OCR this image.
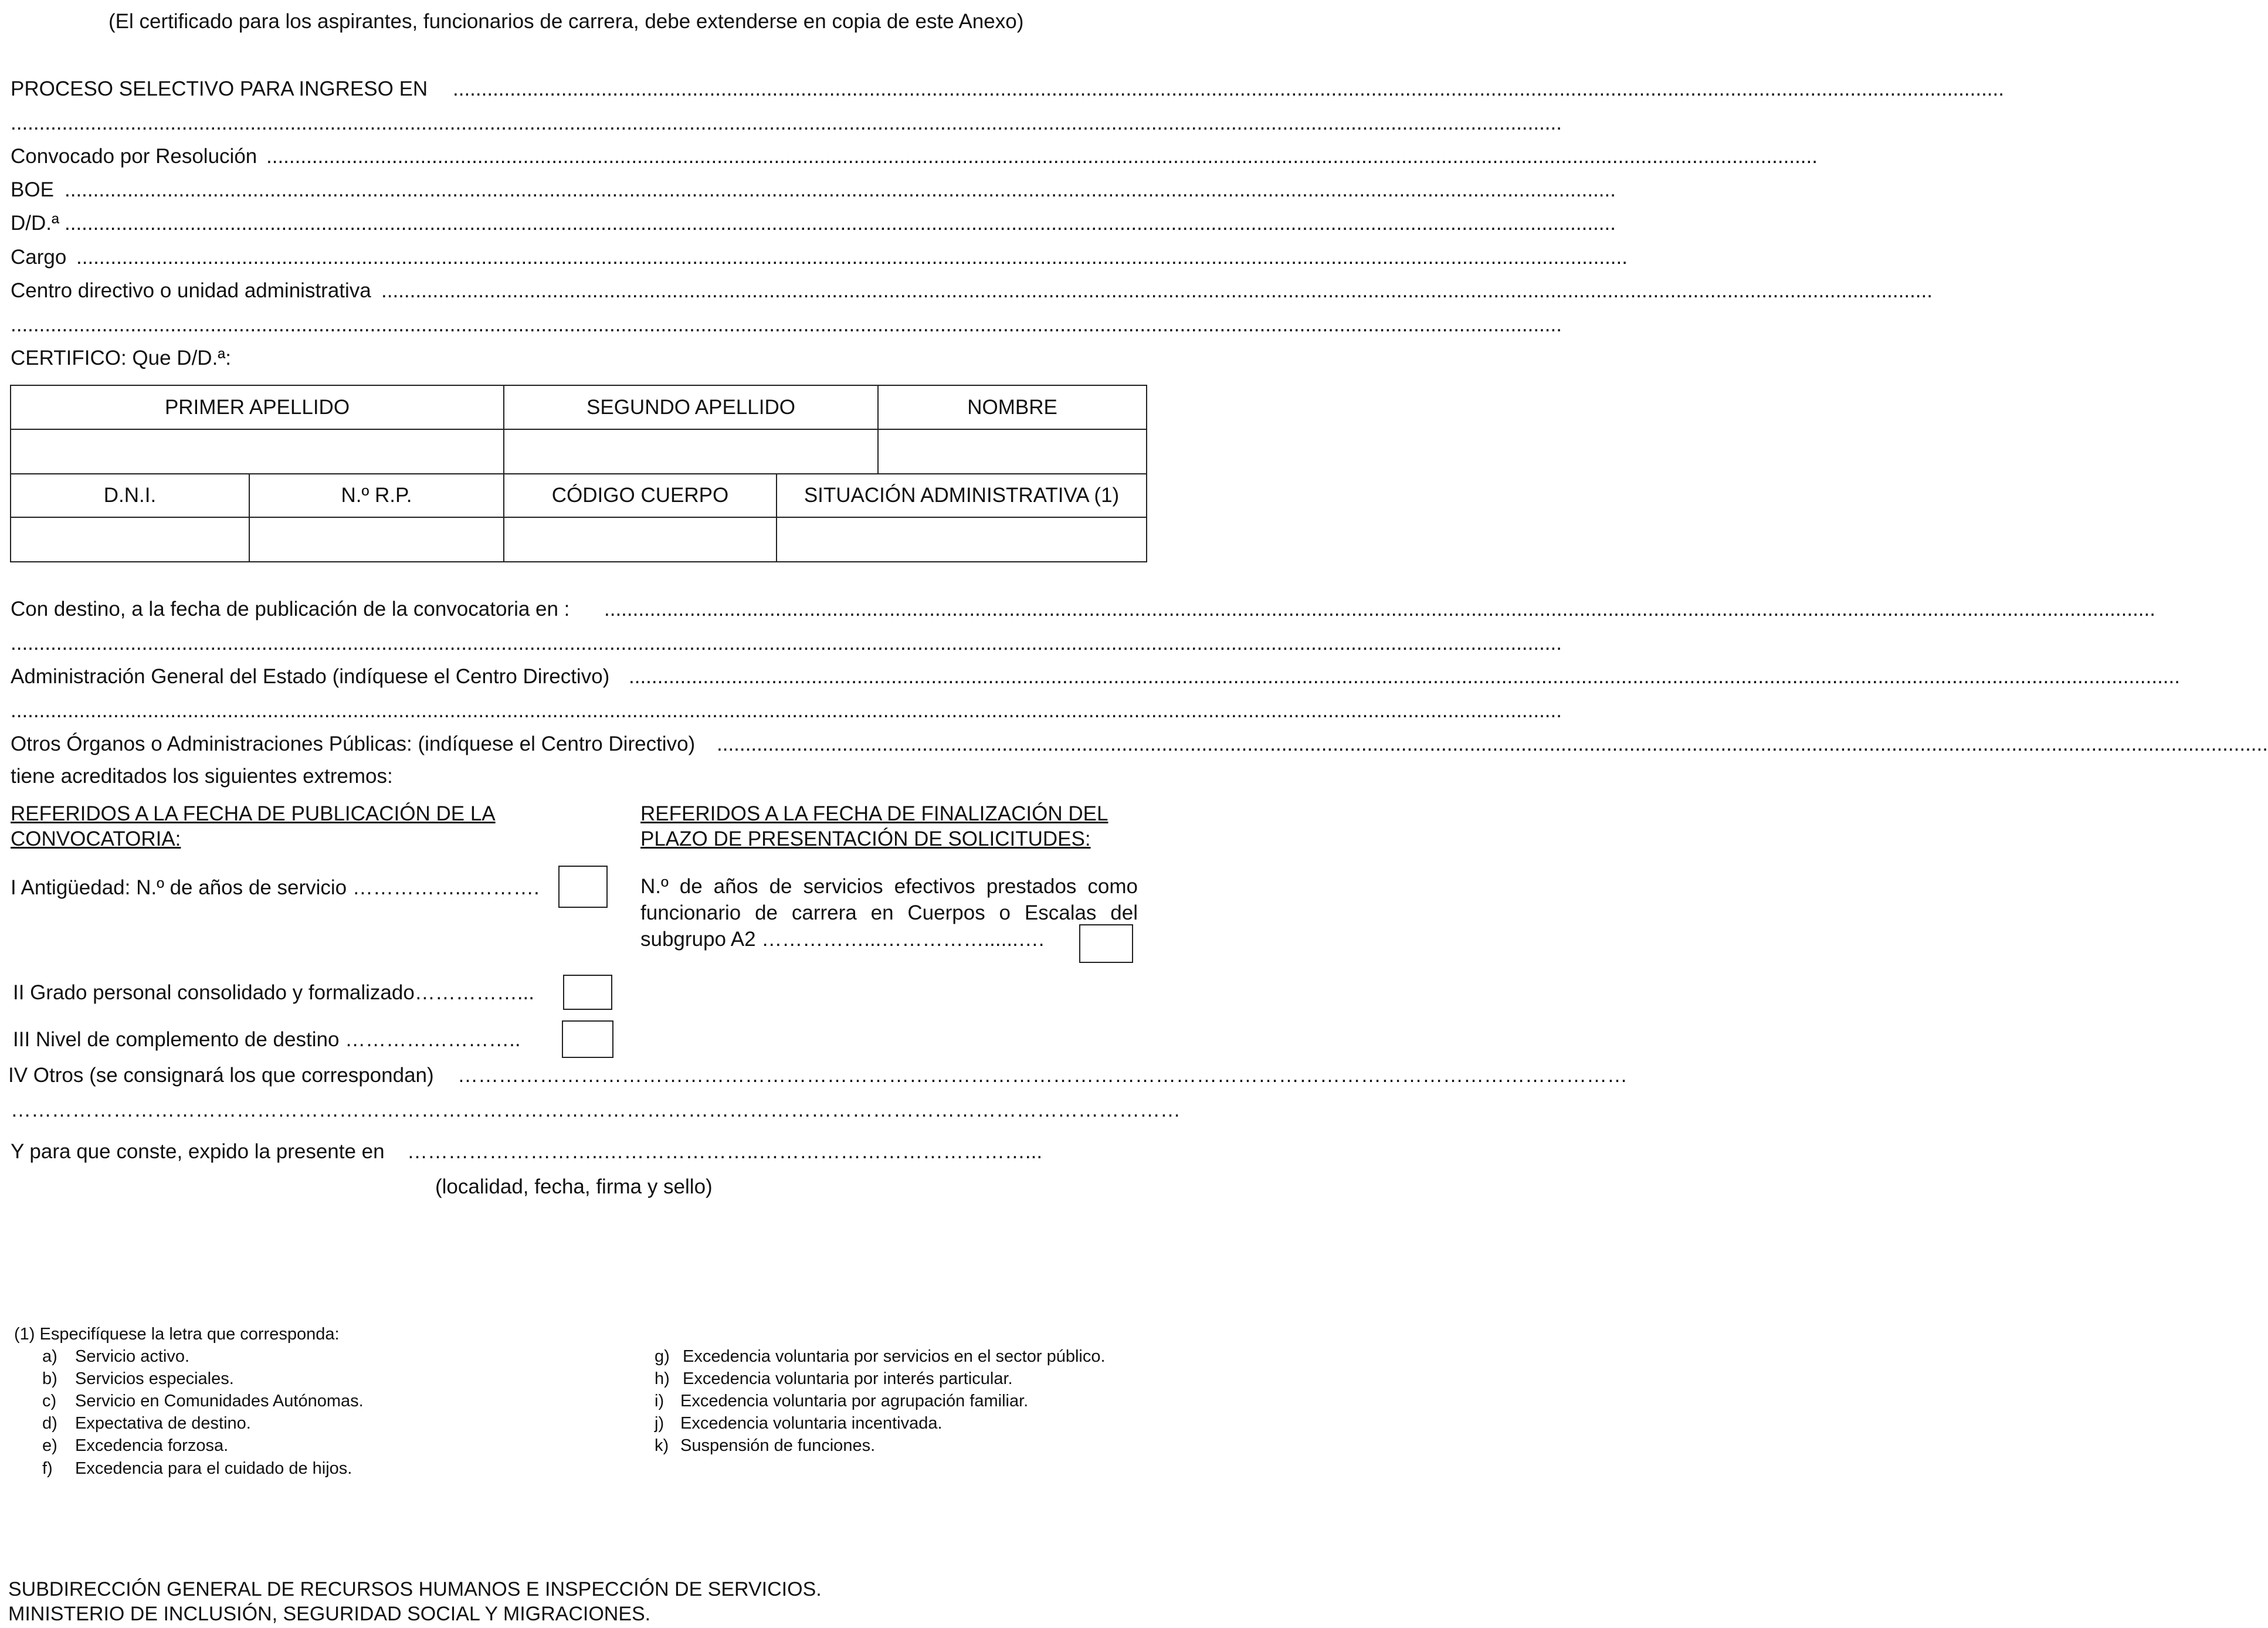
(El certificado para los aspirantes, funcionarios de carrera, debe extenderse en copia de este Anexo)
PROCESO SELECTIVO PARA INGRESO EN ................................................................................................................................................................................................................................................................................
................................................................................................................................................................................................................................................................................
Convocado por Resolución ................................................................................................................................................................................................................................................................................
BOE ................................................................................................................................................................................................................................................................................
D/D.ª ................................................................................................................................................................................................................................................................................
Cargo ................................................................................................................................................................................................................................................................................
Centro directivo o unidad administrativa ................................................................................................................................................................................................................................................................................
................................................................................................................................................................................................................................................................................
CERTIFICO: Que D/D.ª:
PRIMER APELLIDO	SEGUNDO APELLIDO	NOMBRE
D.N.I.	N.º R.P.	CÓDIGO CUERPO	SITUACIÓN ADMINISTRATIVA (1)
Con destino, a la fecha de publicación de la convocatoria en : ................................................................................................................................................................................................................................................................................
................................................................................................................................................................................................................................................................................
Administración General del Estado (indíquese el Centro Directivo) ................................................................................................................................................................................................................................................................................
................................................................................................................................................................................................................................................................................
Otros Órganos o Administraciones Públicas: (indíquese el Centro Directivo) ................................................................................................................................................................................................................................................................................
tiene acreditados los siguientes extremos:
REFERIDOS A LA FECHA DE PUBLICACIÓN DE LA
CONVOCATORIA:
REFERIDOS A LA FECHA DE FINALIZACIÓN DEL
PLAZO DE PRESENTACIÓN DE SOLICITUDES:
I Antigüedad: N.º de años de servicio ……………...……….
II Grado personal consolidado y formalizado……………...
III Nivel de complemento de destino ……………………..
N.º de años de servicios efectivos prestados como funcionario de carrera en Cuerpos o Escalas del subgrupo A2 ……………...……………......….
IV Otros (se consignará los que correspondan) ………………………………………………………………………………………………………………………………………………………
………………………………………………………………………………………………………………………………………………………
Y para que conste, expido la presente en ………………………..…………………..…………………………………...
(localidad, fecha, firma y sello)
(1) Especifíquese la letra que corresponda:
a) Servicio activo.
b) Servicios especiales.
c) Servicio en Comunidades Autónomas.
d) Expectativa de destino.
e) Excedencia forzosa.
f) Excedencia para el cuidado de hijos.
g) Excedencia voluntaria por servicios en el sector público.
h) Excedencia voluntaria por interés particular.
i) Excedencia voluntaria por agrupación familiar.
j) Excedencia voluntaria incentivada.
k) Suspensión de funciones.
SUBDIRECCIÓN GENERAL DE RECURSOS HUMANOS E INSPECCIÓN DE SERVICIOS.
MINISTERIO DE INCLUSIÓN, SEGURIDAD SOCIAL Y MIGRACIONES.
